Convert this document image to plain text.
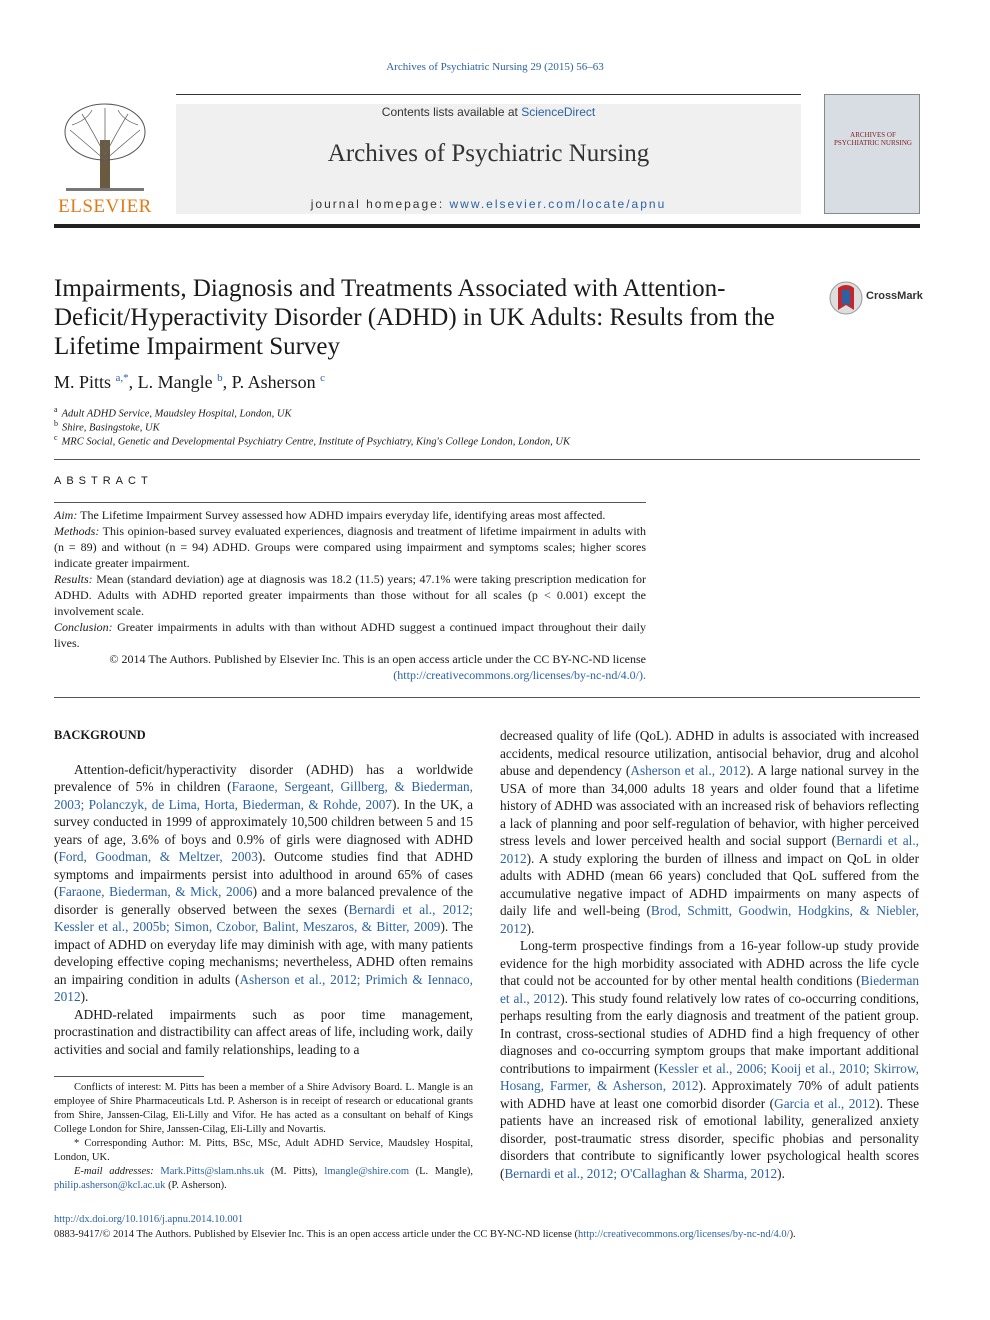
Archives of Psychiatric Nursing 29 (2015) 56–63
ELSEVIER
Contents lists available at ScienceDirect
Archives of Psychiatric Nursing
journal homepage: www.elsevier.com/locate/apnu
ARCHIVES OF PSYCHIATRIC NURSING
Impairments, Diagnosis and Treatments Associated with Attention-Deficit/Hyperactivity Disorder (ADHD) in UK Adults: Results from the Lifetime Impairment Survey
CrossMark
M. Pitts $^{a,*}$, L. Mangle $^b$, P. Asherson $^c$
$^a$ Adult ADHD Service, Maudsley Hospital, London, UK
$^b$ Shire, Basingstoke, UK
$^c$ MRC Social, Genetic and Developmental Psychiatry Centre, Institute of Psychiatry, King's College London, London, UK
ABSTRACT

Aim: The Lifetime Impairment Survey assessed how ADHD impairs everyday life, identifying areas most affected.

Methods: This opinion-based survey evaluated experiences, diagnosis and treatment of lifetime impairment in adults with (n = 89) and without (n = 94) ADHD. Groups were compared using impairment and symptoms scales; higher scores indicate greater impairment.

Results: Mean (standard deviation) age at diagnosis was 18.2 (11.5) years; 47.1% were taking prescription medication for ADHD. Adults with ADHD reported greater impairments than those without for all scales (p < 0.001) except the involvement scale.

Conclusion: Greater impairments in adults with than without ADHD suggest a continued impact throughout their daily lives.

© 2014 The Authors. Published by Elsevier Inc. This is an open access article under the CC BY-NC-ND license

(http://creativecommons.org/licenses/by-nc-nd/4.0/).

BACKGROUND

Attention-deficit/hyperactivity disorder (ADHD) has a worldwide prevalence of 5% in children (Faraone, Sergeant, Gillberg, & Biederman, 2003; Polanczyk, de Lima, Horta, Biederman, & Rohde, 2007). In the UK, a survey conducted in 1999 of approximately 10,500 children between 5 and 15 years of age, 3.6% of boys and 0.9% of girls were diagnosed with ADHD (Ford, Goodman, & Meltzer, 2003). Outcome studies find that ADHD symptoms and impairments persist into adulthood in around 65% of cases (Faraone, Biederman, & Mick, 2006) and a more balanced prevalence of the disorder is generally observed between the sexes (Bernardi et al., 2012; Kessler et al., 2005b; Simon, Czobor, Balint, Meszaros, & Bitter, 2009). The impact of ADHD on everyday life may diminish with age, with many patients developing effective coping mechanisms; nevertheless, ADHD often remains an impairing condition in adults (Asherson et al., 2012; Primich & Iennaco, 2012).

ADHD-related impairments such as poor time management, procrastination and distractibility can affect areas of life, including work, daily activities and social and family relationships, leading to a

Conflicts of interest: M. Pitts has been a member of a Shire Advisory Board. L. Mangle is an employee of Shire Pharmaceuticals Ltd. P. Asherson is in receipt of research or educational grants from Shire, Janssen-Cilag, Eli-Lilly and Vifor. He has acted as a consultant on behalf of Kings College London for Shire, Janssen-Cilag, Eli-Lilly and Novartis.

* Corresponding Author: M. Pitts, BSc, MSc, Adult ADHD Service, Maudsley Hospital, London, UK.

E-mail addresses: Mark.Pitts@slam.nhs.uk (M. Pitts), lmangle@shire.com (L. Mangle), philip.asherson@kcl.ac.uk (P. Asherson).

decreased quality of life (QoL). ADHD in adults is associated with increased accidents, medical resource utilization, antisocial behavior, drug and alcohol abuse and dependency (Asherson et al., 2012). A large national survey in the USA of more than 34,000 adults 18 years and older found that a lifetime history of ADHD was associated with an increased risk of behaviors reflecting a lack of planning and poor self-regulation of behavior, with higher perceived stress levels and lower perceived health and social support (Bernardi et al., 2012). A study exploring the burden of illness and impact on QoL in older adults with ADHD (mean 66 years) concluded that QoL suffered from the accumulative negative impact of ADHD impairments on many aspects of daily life and well-being (Brod, Schmitt, Goodwin, Hodgkins, & Niebler, 2012).

Long-term prospective findings from a 16-year follow-up study provide evidence for the high morbidity associated with ADHD across the life cycle that could not be accounted for by other mental health conditions (Biederman et al., 2012). This study found relatively low rates of co-occurring conditions, perhaps resulting from the early diagnosis and treatment of the patient group. In contrast, cross-sectional studies of ADHD find a high frequency of other diagnoses and co-occurring symptom groups that make important additional contributions to impairment (Kessler et al., 2006; Kooij et al., 2010; Skirrow, Hosang, Farmer, & Asherson, 2012). Approximately 70% of adult patients with ADHD have at least one comorbid disorder (Garcia et al., 2012). These patients have an increased risk of emotional lability, generalized anxiety disorder, post-traumatic stress disorder, specific phobias and personality disorders that contribute to significantly lower psychological health scores (Bernardi et al., 2012; O'Callaghan & Sharma, 2012).

http://dx.doi.org/10.1016/j.apnu.2014.10.001
0883-9417/© 2014 The Authors. Published by Elsevier Inc. This is an open access article under the CC BY-NC-ND license (http://creativecommons.org/licenses/by-nc-nd/4.0/).
